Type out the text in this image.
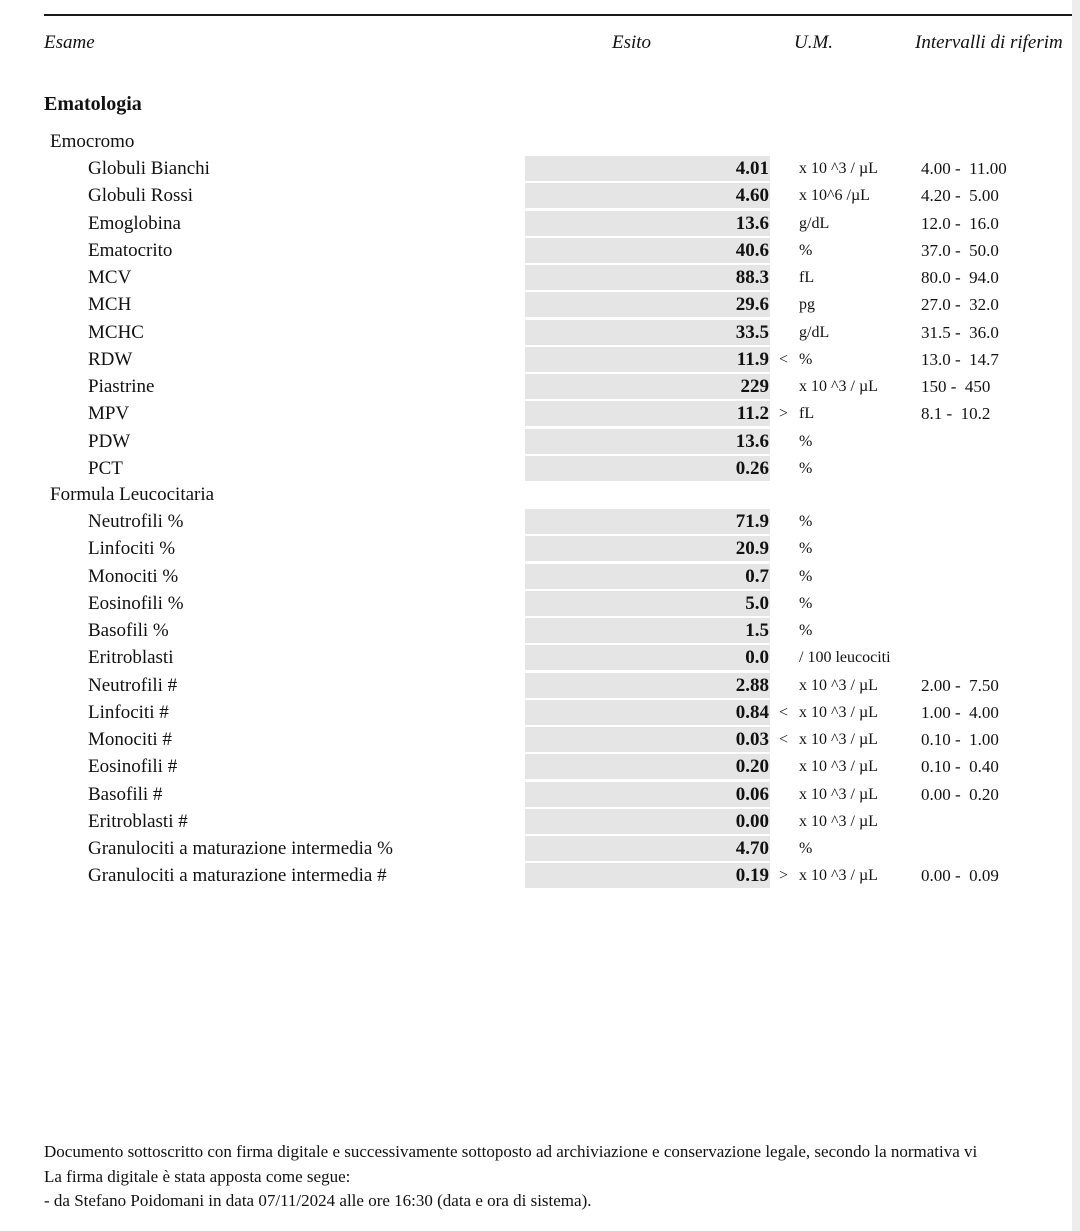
Esame	Esito	U.M.	Intervalli di riferim
Ematologia
Emocromo
Globuli Bianchi	4.01 x 10 ^3 / µL	4.00 -  11.00
Globuli Rossi	4.60 x 10^6 /µL	4.20 -  5.00
Emoglobina	13.6 g/dL	12.0 -  16.0
Ematocrito	40.6 %	37.0 -  50.0
MCV	88.3 fL	80.0 -  94.0
MCH	29.6 pg	27.0 -  32.0
MCHC	33.5 g/dL	31.5 -  36.0
RDW	11.9 < %	13.0 -  14.7
Piastrine	229 x 10 ^3 / µL	150 -  450
MPV	11.2 > fL	8.1 -  10.2
PDW	13.6 %
PCT	0.26 %
Formula Leucocitaria
Neutrofili %	71.9 %
Linfociti %	20.9 %
Monociti %	0.7 %
Eosinofili %	5.0 %
Basofili %	1.5 %
Eritroblasti	0.0 / 100 leucociti
Neutrofili #	2.88 x 10 ^3 / µL	2.00 -  7.50
Linfociti #	0.84 < x 10 ^3 / µL	1.00 -  4.00
Monociti #	0.03 < x 10 ^3 / µL	0.10 -  1.00
Eosinofili #	0.20 x 10 ^3 / µL	0.10 -  0.40
Basofili #	0.06 x 10 ^3 / µL	0.00 -  0.20
Eritroblasti #	0.00 x 10 ^3 / µL
Granulociti a maturazione intermedia %	4.70 %
Granulociti a maturazione intermedia #	0.19 > x 10 ^3 / µL	0.00 -  0.09
Documento sottoscritto con firma digitale e successivamente sottoposto ad archiviazione e conservazione legale, secondo la normativa vi
La firma digitale è stata apposta come segue:
- da Stefano Poidomani in data 07/11/2024 alle ore 16:30 (data e ora di sistema).
